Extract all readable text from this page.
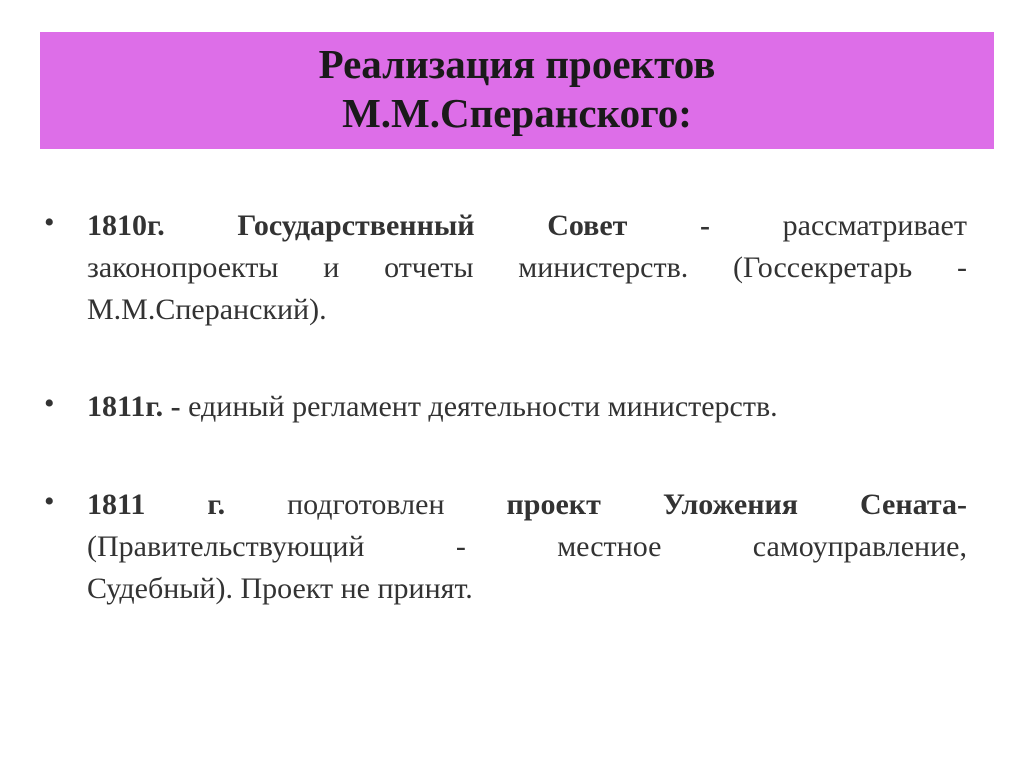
Реализация проектов
М.М.Сперанского:
• 1810г. Государственный Совет - рассматривает
законопроекты и отчеты министерств. (Госсекретарь -
М.М.Сперанский).
• 1811г. - единый регламент деятельности министерств.
• 1811 г. подготовлен проект Уложения Сената-
(Правительствующий	-	местное	самоуправление,
Судебный). Проект не принят.
